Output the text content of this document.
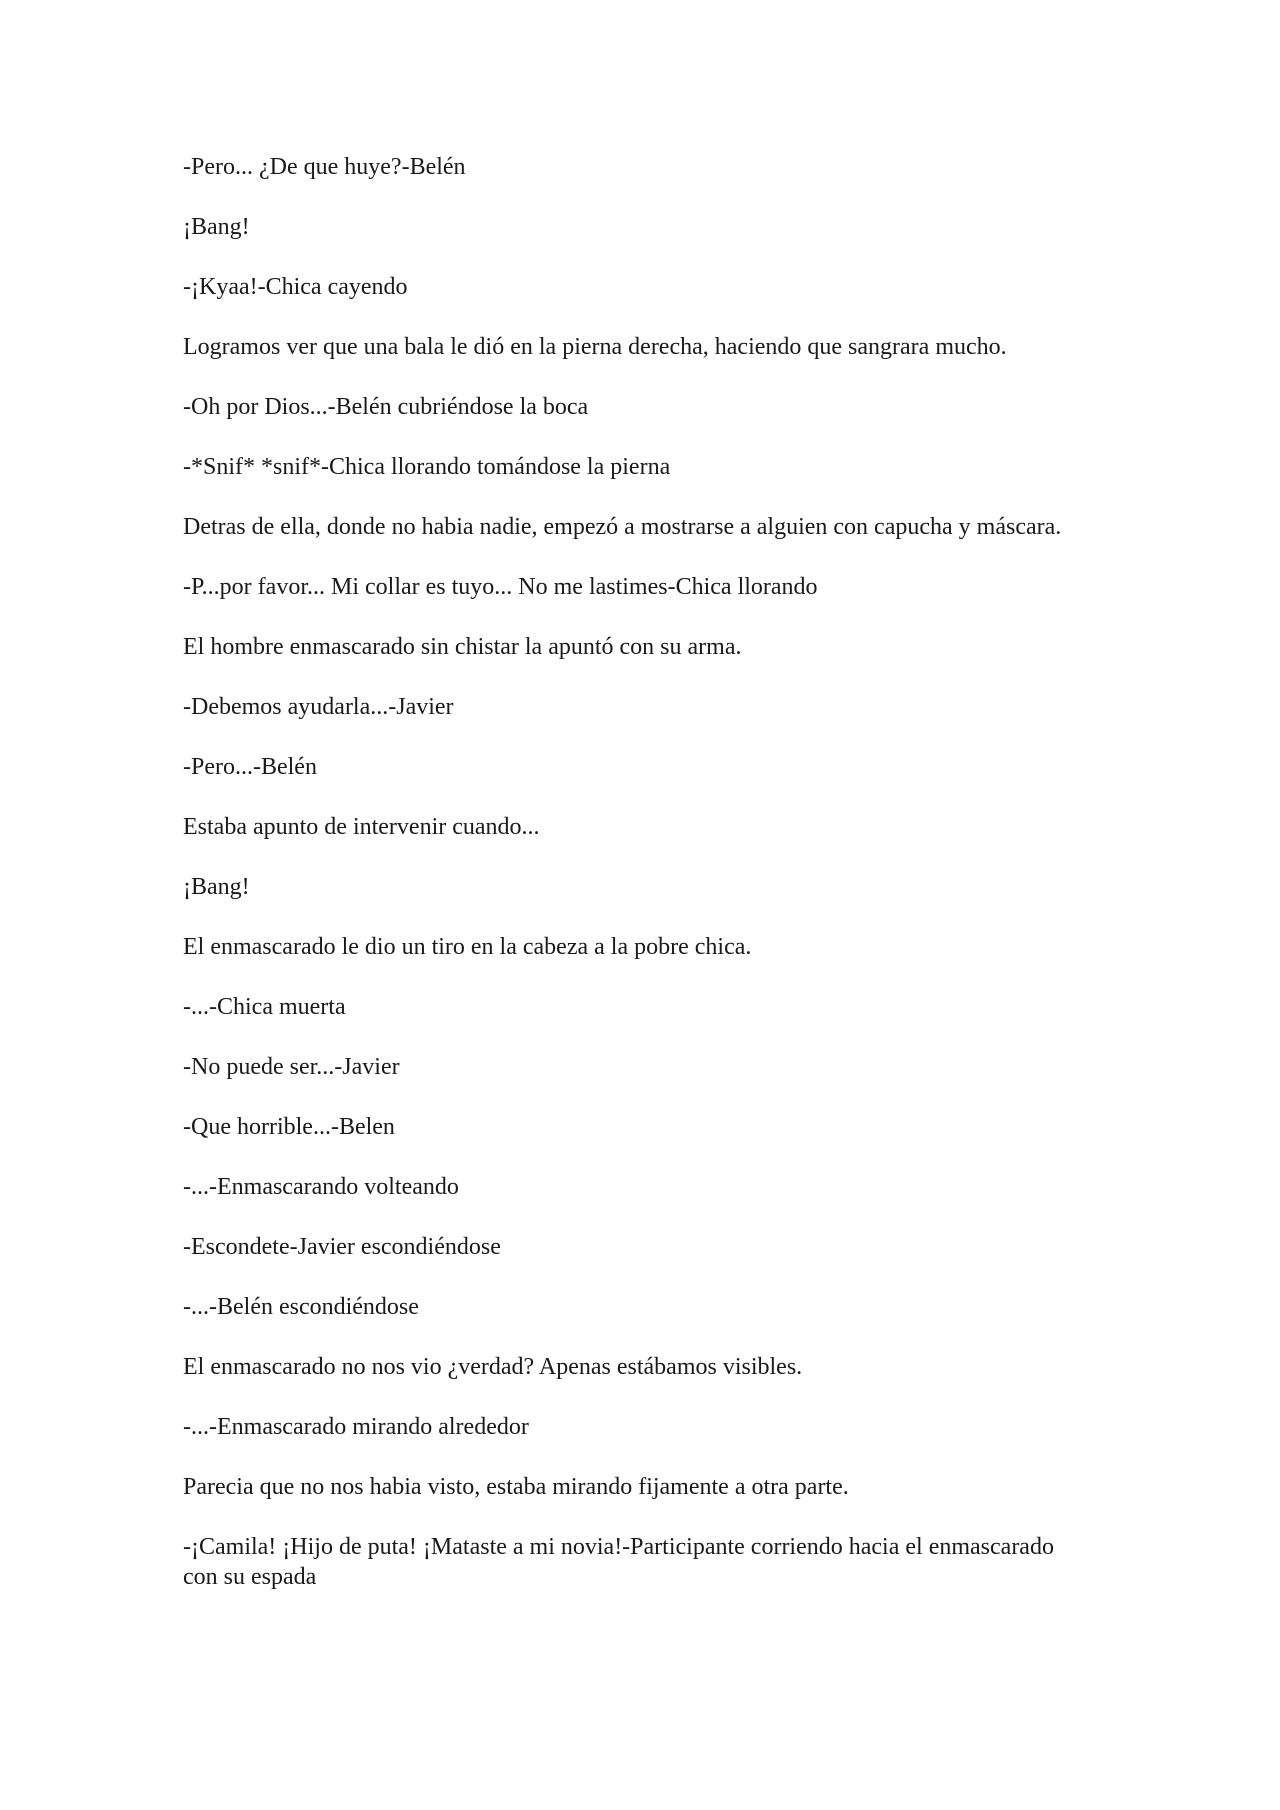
-Pero... ¿De que huye?-Belén

¡Bang!

-¡Kyaa!-Chica cayendo

Logramos ver que una bala le dió en la pierna derecha, haciendo que sangrara mucho.

-Oh por Dios...-Belén cubriéndose la boca

-*Snif* *snif*-Chica llorando tomándose la pierna

Detras de ella, donde no habia nadie, empezó a mostrarse a alguien con capucha y máscara.

-P...por favor... Mi collar es tuyo... No me lastimes-Chica llorando

El hombre enmascarado sin chistar la apuntó con su arma.

-Debemos ayudarla...-Javier

-Pero...-Belén

Estaba apunto de intervenir cuando...

¡Bang!

El enmascarado le dio un tiro en la cabeza a la pobre chica.

-...-Chica muerta

-No puede ser...-Javier

-Que horrible...-Belen

-...-Enmascarando volteando

-Escondete-Javier escondiéndose

-...-Belén escondiéndose

El enmascarado no nos vio ¿verdad? Apenas estábamos visibles.

-...-Enmascarado mirando alrededor

Parecia que no nos habia visto, estaba mirando fijamente a otra parte.

-¡Camila! ¡Hijo de puta! ¡Mataste a mi novia!-Participante corriendo hacia el enmascarado con su espada
